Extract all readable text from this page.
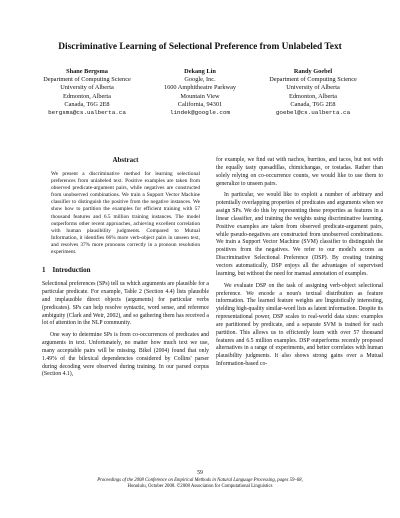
Discriminative Learning of Selectional Preference from Unlabeled Text
Shane Bergsma
Department of Computing Science
University of Alberta
Edmonton, Alberta
Canada, T6G 2E8
bergsma@cs.ualberta.ca
Dekang Lin
Google, Inc.
1600 Amphitheatre Parkway
Mountain View
California, 94301
lindek@google.com
Randy Goebel
Department of Computing Science
University of Alberta
Edmonton, Alberta
Canada, T6G 2E8
goebel@cs.ualberta.ca
Abstract
We present a discriminative method for learning selectional preferences from unlabeled text. Positive examples are taken from observed predicate-argument pairs, while negatives are constructed from unobserved combinations. We train a Support Vector Machine classifier to distinguish the positive from the negative instances. We show how to partition the examples for efficient training with 57 thousand features and 6.5 million training instances. The model outperforms other recent approaches, achieving excellent correlation with human plausibility judgments. Compared to Mutual Information, it identifies 66% more verb-object pairs in unseen text, and resolves 37% more pronouns correctly in a pronoun resolution experiment.
1 Introduction

Selectional preferences (SPs) tell us which arguments are plausible for a particular predicate. For example, Table 2 (Section 4.4) lists plausible and implausible direct objects (arguments) for particular verbs (predicates). SPs can help resolve syntactic, word sense, and reference ambiguity (Clark and Weir, 2002), and so gathering them has received a lot of attention in the NLP community.

One way to determine SPs is from co-occurrences of predicates and arguments in text. Unfortunately, no matter how much text we use, many acceptable pairs will be missing. Bikel (2004) found that only 1.49% of the bilexical dependencies considered by Collins' parser during decoding were observed during training. In our parsed corpus (Section 4.1),

for example, we find eat with nachos, burritos, and tacos, but not with the equally tasty quesadillas, chimichangas, or tostadas. Rather than solely relying on co-occurrence counts, we would like to use them to generalize to unseen pairs.

In particular, we would like to exploit a number of arbitrary and potentially overlapping properties of predicates and arguments when we assign SPs. We do this by representing these properties as features in a linear classifier, and training the weights using discriminative learning. Positive examples are taken from observed predicate-argument pairs, while pseudo-negatives are constructed from unobserved combinations. We train a Support Vector Machine (SVM) classifier to distinguish the positives from the negatives. We refer to our model's scores as Discriminative Selectional Preference (DSP). By creating training vectors automatically, DSP enjoys all the advantages of supervised learning, but without the need for manual annotation of examples.

We evaluate DSP on the task of assigning verb-object selectional preference. We encode a noun's textual distribution as feature information. The learned feature weights are linguistically interesting, yielding high-quality similar-word lists as latent information. Despite its representational power, DSP scales to real-world data sizes: examples are partitioned by predicate, and a separate SVM is trained for each partition. This allows us to efficiently learn with over 57 thousand features and 6.5 million examples. DSP outperforms recently proposed alternatives in a range of experiments, and better correlates with human plausibility judgments. It also shows strong gains over a Mutual Information-based co-

59
Proceedings of the 2008 Conference on Empirical Methods in Natural Language Processing, pages 59–68,
Honolulu, October 2008. ©2008 Association for Computational Linguistics
